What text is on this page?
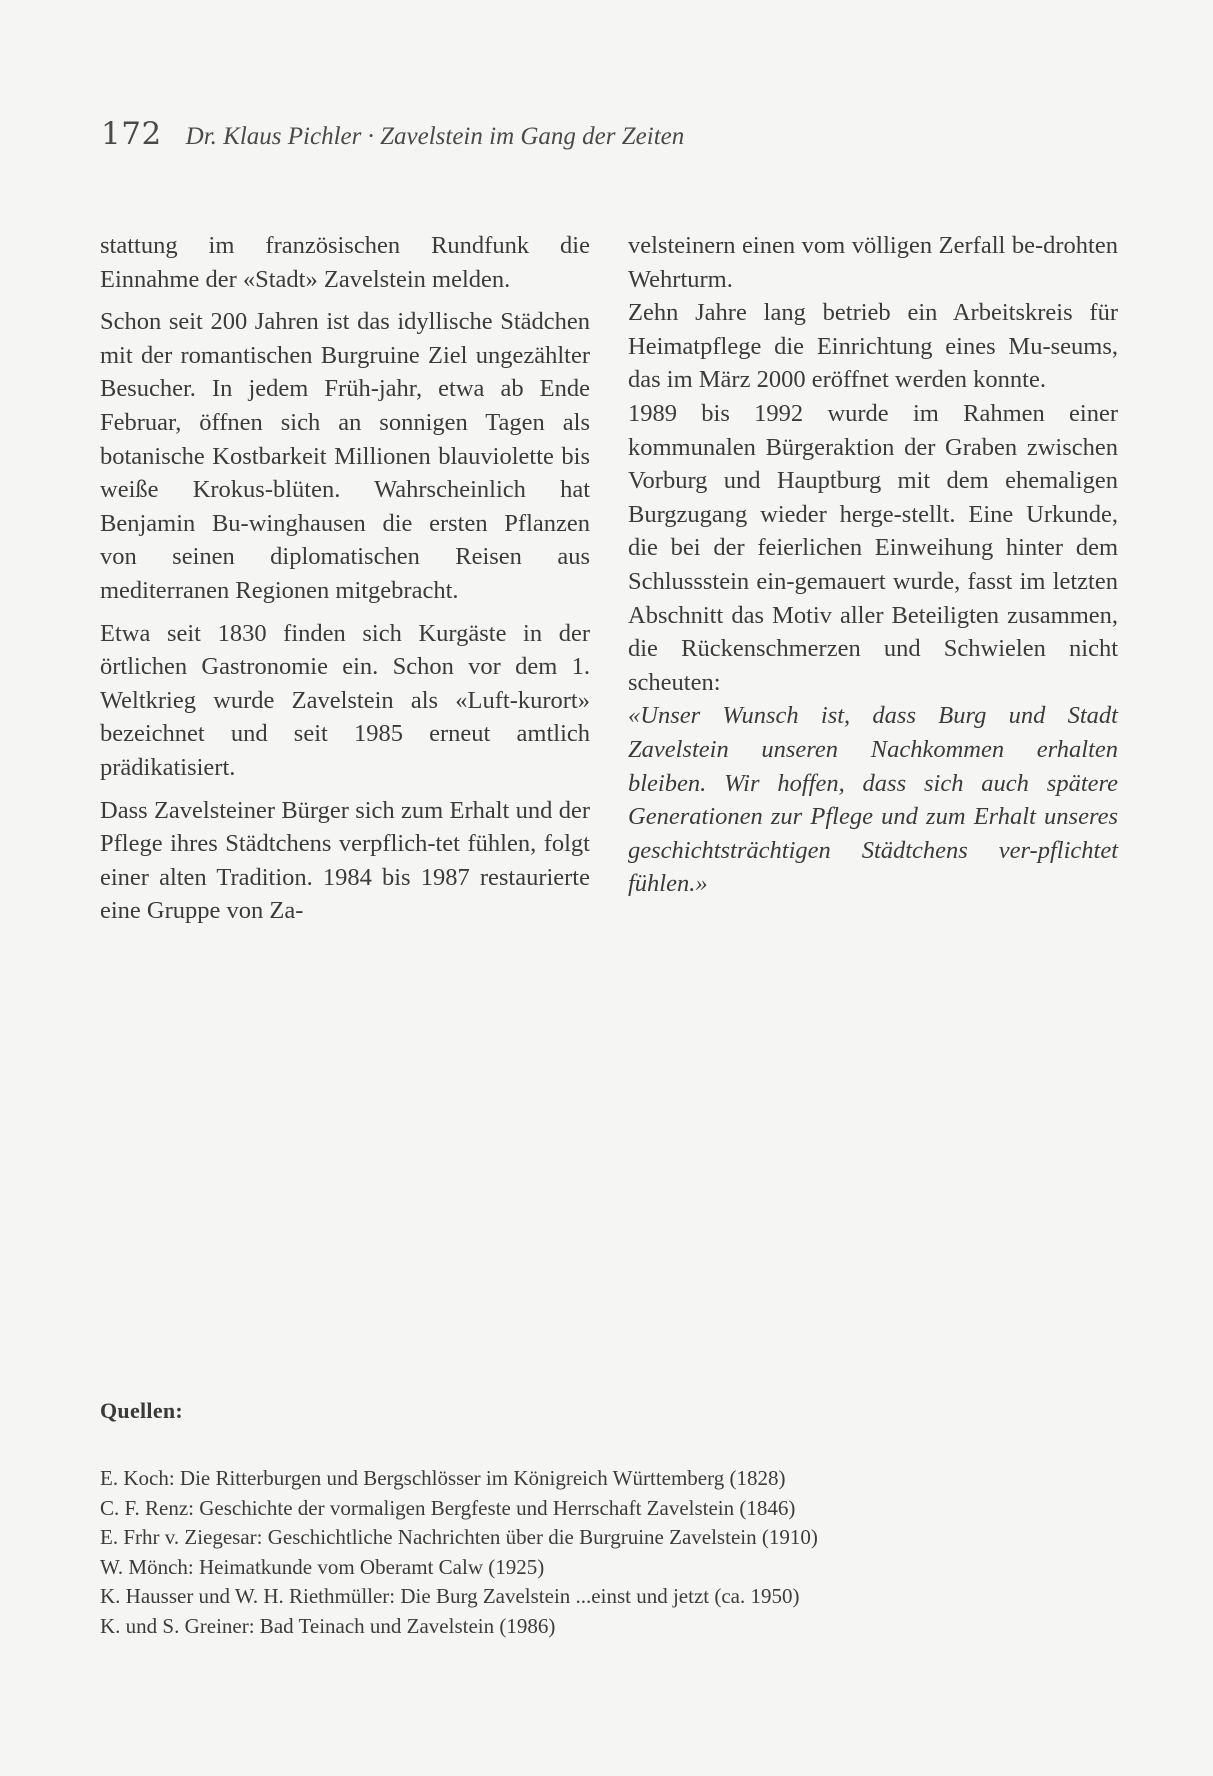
172 Dr. Klaus Pichler · Zavelstein im Gang der Zeiten

stattung im französischen Rundfunk die Einnahme der «Stadt» Zavelstein melden.

Schon seit 200 Jahren ist das idyllische Städchen mit der romantischen Burgruine Ziel ungezählter Besucher. In jedem Früh-jahr, etwa ab Ende Februar, öffnen sich an sonnigen Tagen als botanische Kostbarkeit Millionen blauviolette bis weiße Krokus-blüten. Wahrscheinlich hat Benjamin Bu-winghausen die ersten Pflanzen von seinen diplomatischen Reisen aus mediterranen Regionen mitgebracht.

Etwa seit 1830 finden sich Kurgäste in der örtlichen Gastronomie ein. Schon vor dem 1. Weltkrieg wurde Zavelstein als «Luft-kurort» bezeichnet und seit 1985 erneut amtlich prädikatisiert.

Dass Zavelsteiner Bürger sich zum Erhalt und der Pflege ihres Städtchens verpflich-tet fühlen, folgt einer alten Tradition. 1984 bis 1987 restaurierte eine Gruppe von Za-

velsteinern einen vom völligen Zerfall be-drohten Wehrturm.

Zehn Jahre lang betrieb ein Arbeitskreis für Heimatpflege die Einrichtung eines Mu-seums, das im März 2000 eröffnet werden konnte.

1989 bis 1992 wurde im Rahmen einer kommunalen Bürgeraktion der Graben zwischen Vorburg und Hauptburg mit dem ehemaligen Burgzugang wieder herge-stellt. Eine Urkunde, die bei der feierlichen Einweihung hinter dem Schlussstein ein-gemauert wurde, fasst im letzten Abschnitt das Motiv aller Beteiligten zusammen, die Rückenschmerzen und Schwielen nicht scheuten:

«Unser Wunsch ist, dass Burg und Stadt Zavelstein unseren Nachkommen erhalten bleiben. Wir hoffen, dass sich auch spätere Generationen zur Pflege und zum Erhalt unseres geschichtsträchtigen Städtchens ver-pflichtet fühlen.»

Quellen:
E. Koch: Die Ritterburgen und Bergschlösser im Königreich Württemberg (1828)
C. F. Renz: Geschichte der vormaligen Bergfeste und Herrschaft Zavelstein (1846)
E. Frhr v. Ziegesar: Geschichtliche Nachrichten über die Burgruine Zavelstein (1910)
W. Mönch: Heimatkunde vom Oberamt Calw (1925)
K. Hausser und W. H. Riethmüller: Die Burg Zavelstein ...einst und jetzt (ca. 1950)
K. und S. Greiner: Bad Teinach und Zavelstein (1986)
